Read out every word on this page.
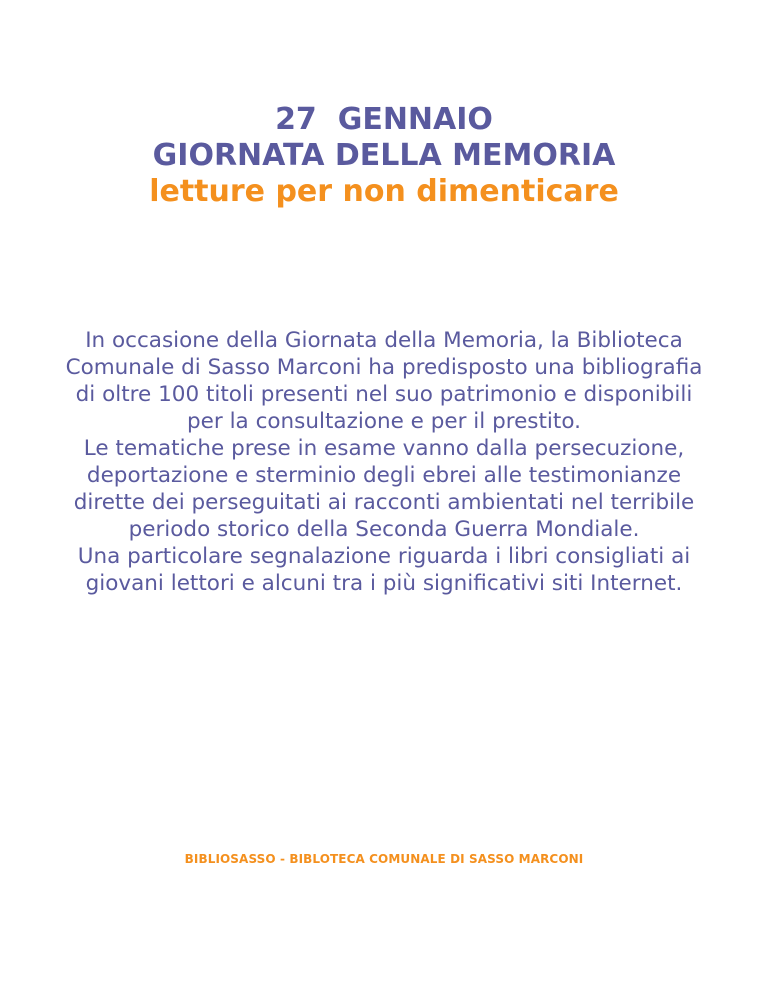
27  GENNAIO
GIORNATA DELLA MEMORIA
letture per non dimenticare

In occasione della Giornata della Memoria, la Biblioteca Comunale di Sasso Marconi ha predisposto una bibliografia di oltre 100 titoli presenti nel suo patrimonio e disponibili per la consultazione e per il prestito.

Le tematiche prese in esame vanno dalla persecuzione, deportazione e sterminio degli ebrei alle testimonianze dirette dei perseguitati ai racconti ambientati nel terribile periodo storico della Seconda Guerra Mondiale.

Una particolare segnalazione riguarda i libri consigliati ai giovani lettori e alcuni tra i più significativi siti Internet.

BIBLIOSASSO - BIBLOTECA COMUNALE DI SASSO MARCONI
